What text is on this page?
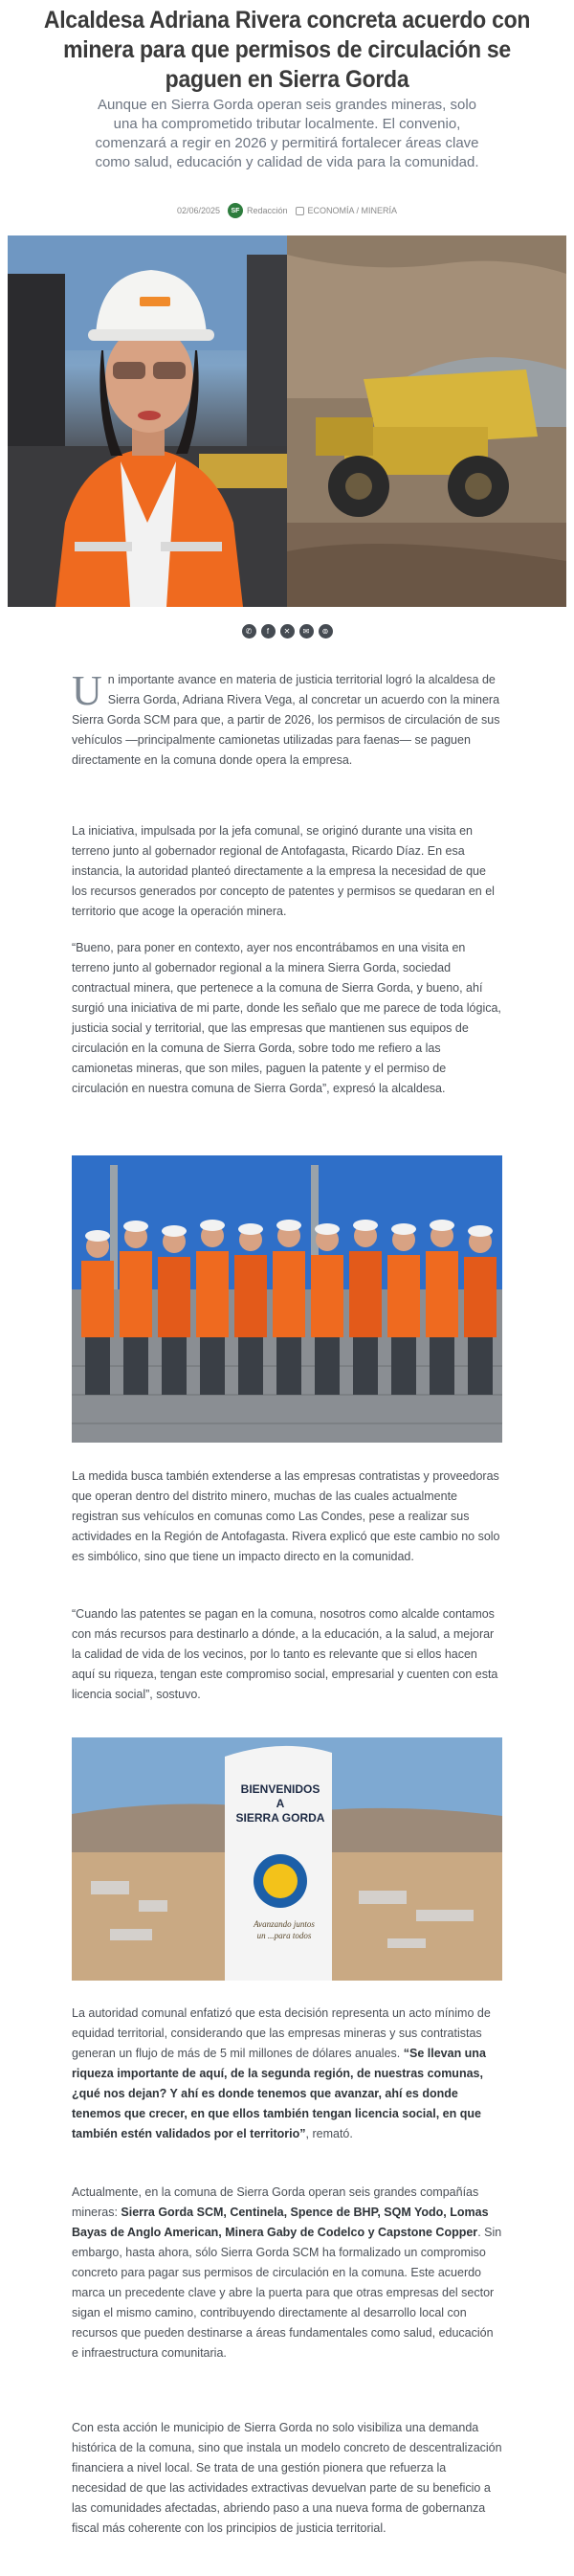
Alcaldesa Adriana Rivera concreta acuerdo con minera para que permisos de circulación se paguen en Sierra Gorda

Aunque en Sierra Gorda operan seis grandes mineras, solo una ha comprometido tributar localmente. El convenio, comenzará a regir en 2026 y permitirá fortalecer áreas clave como salud, educación y calidad de vida para la comunidad.

02/06/2025	SF Redacción ECONOMÍA / MINERÍA
✆	f	✕	✉	⊚
Un importante avance en materia de justicia territorial logró la alcaldesa de Sierra Gorda, Adriana Rivera Vega, al concretar un acuerdo con la minera Sierra Gorda SCM para que, a partir de 2026, los permisos de circulación de sus vehículos —principalmente camionetas utilizadas para faenas— se paguen directamente en la comuna donde opera la empresa.
La iniciativa, impulsada por la jefa comunal, se originó durante una visita en terreno junto al gobernador regional de Antofagasta, Ricardo Díaz. En esa instancia, la autoridad planteó directamente a la empresa la necesidad de que los recursos generados por concepto de patentes y permisos se quedaran en el territorio que acoge la operación minera.
“Bueno, para poner en contexto, ayer nos encontrábamos en una visita en terreno junto al gobernador regional a la minera Sierra Gorda, sociedad contractual minera, que pertenece a la comuna de Sierra Gorda, y bueno, ahí surgió una iniciativa de mi parte, donde les señalo que me parece de toda lógica, justicia social y territorial, que las empresas que mantienen sus equipos de circulación en la comuna de Sierra Gorda, sobre todo me refiero a las camionetas mineras, que son miles, paguen la patente y el permiso de circulación en nuestra comuna de Sierra Gorda”, expresó la alcaldesa.
La medida busca también extenderse a las empresas contratistas y proveedoras que operan dentro del distrito minero, muchas de las cuales actualmente registran sus vehículos en comunas como Las Condes, pese a realizar sus actividades en la Región de Antofagasta. Rivera explicó que este cambio no solo es simbólico, sino que tiene un impacto directo en la comunidad.
“Cuando las patentes se pagan en la comuna, nosotros como alcalde contamos con más recursos para destinarlo a dónde, a la educación, a la salud, a mejorar la calidad de vida de los vecinos, por lo tanto es relevante que si ellos hacen aquí su riqueza, tengan este compromiso social, empresarial y cuenten con esta licencia social”, sostuvo.
BIENVENIDOS
A
SIERRA GORDA
Avanzando juntos
un ...para todos
La autoridad comunal enfatizó que esta decisión representa un acto mínimo de equidad territorial, considerando que las empresas mineras y sus contratistas generan un flujo de más de 5 mil millones de dólares anuales. “Se llevan una riqueza importante de aquí, de la segunda región, de nuestras comunas, ¿qué nos dejan? Y ahí es donde tenemos que avanzar, ahí es donde tenemos que crecer, en que ellos también tengan licencia social, en que también estén validados por el territorio”, remató.
Actualmente, en la comuna de Sierra Gorda operan seis grandes compañías mineras: Sierra Gorda SCM, Centinela, Spence de BHP, SQM Yodo, Lomas Bayas de Anglo American, Minera Gaby de Codelco y Capstone Copper. Sin embargo, hasta ahora, sólo Sierra Gorda SCM ha formalizado un compromiso concreto para pagar sus permisos de circulación en la comuna. Este acuerdo marca un precedente clave y abre la puerta para que otras empresas del sector sigan el mismo camino, contribuyendo directamente al desarrollo local con recursos que pueden destinarse a áreas fundamentales como salud, educación e infraestructura comunitaria.
Con esta acción le municipio de Sierra Gorda no solo visibiliza una demanda histórica de la comuna, sino que instala un modelo concreto de descentralización financiera a nivel local. Se trata de una gestión pionera que refuerza la necesidad de que las actividades extractivas devuelvan parte de su beneficio a las comunidades afectadas, abriendo paso a una nueva forma de gobernanza fiscal más coherente con los principios de justicia territorial.
